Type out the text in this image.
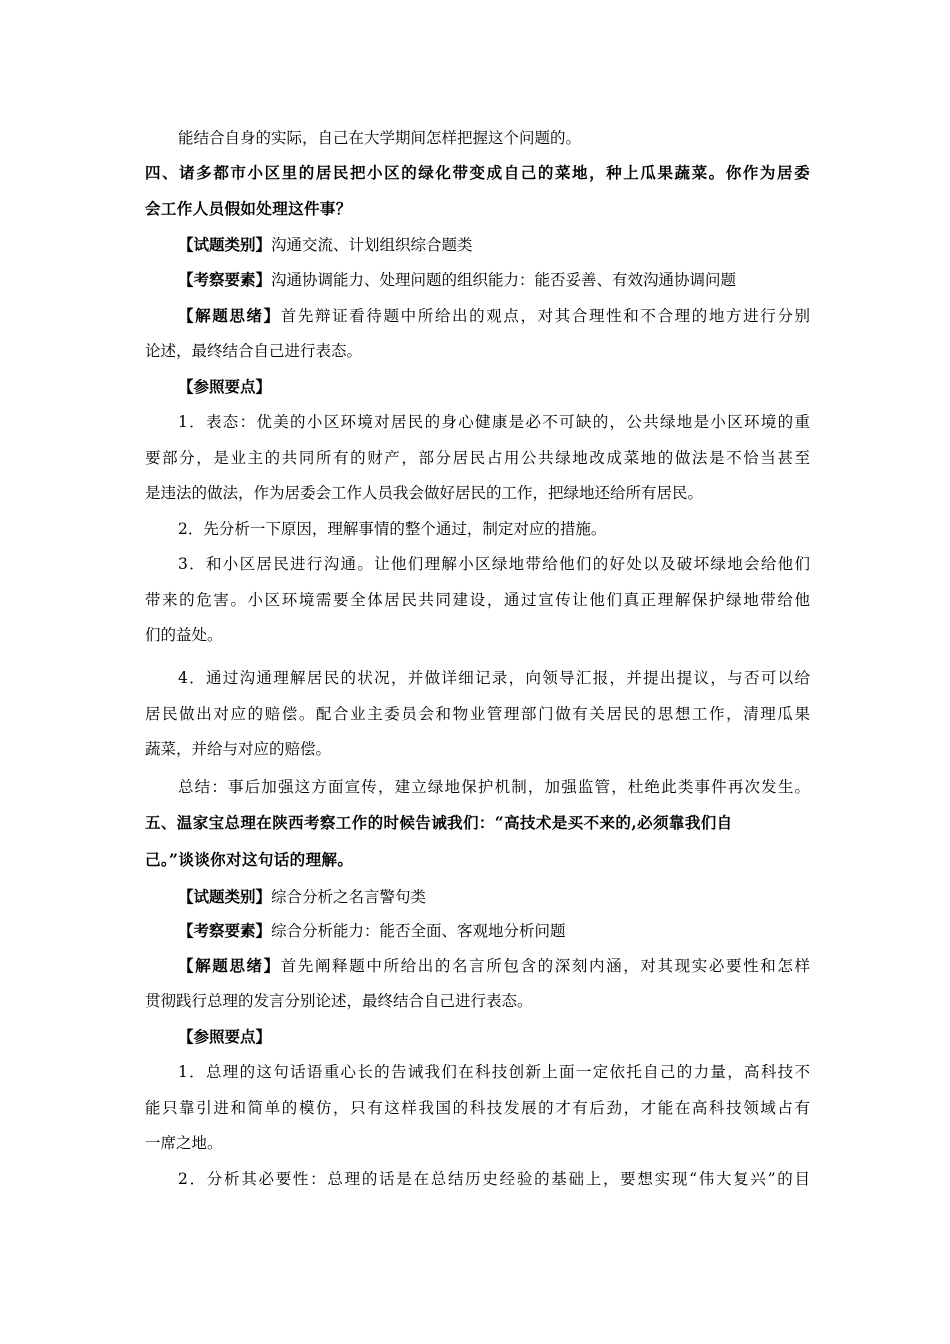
能结合自身的实际，自己在大学期间怎样把握这个问题的。
四、诸多都市小区里的居民把小区的绿化带变成自己的菜地，种上瓜果蔬菜。你作为居委
会工作人员假如处理这件事？
【试题类别】沟通交流、计划组织综合题类
【考察要素】沟通协调能力、处理问题的组织能力：能否妥善、有效沟通协调问题
【解题思绪】首先辩证看待题中所给出的观点，对其合理性和不合理的地方进行分别
论述，最终结合自己进行表态。
【参照要点】
1．表态：优美的小区环境对居民的身心健康是必不可缺的，公共绿地是小区环境的重
要部分，是业主的共同所有的财产，部分居民占用公共绿地改成菜地的做法是不恰当甚至
是违法的做法，作为居委会工作人员我会做好居民的工作，把绿地还给所有居民。
2．先分析一下原因，理解事情的整个通过，制定对应的措施。
3．和小区居民进行沟通。让他们理解小区绿地带给他们的好处以及破坏绿地会给他们
带来的危害。小区环境需要全体居民共同建设，通过宣传让他们真正理解保护绿地带给他
们的益处。
4．通过沟通理解居民的状况，并做详细记录，向领导汇报，并提出提议，与否可以给
居民做出对应的赔偿。配合业主委员会和物业管理部门做有关居民的思想工作，清理瓜果
蔬菜，并给与对应的赔偿。
总结：事后加强这方面宣传，建立绿地保护机制，加强监管，杜绝此类事件再次发生。
五、温家宝总理在陕西考察工作的时候告诫我们：“高技术是买不来的,必须靠我们自
己。”谈谈你对这句话的理解。
【试题类别】综合分析之名言警句类
【考察要素】综合分析能力：能否全面、客观地分析问题
【解题思绪】首先阐释题中所给出的名言所包含的深刻内涵，对其现实必要性和怎样
贯彻践行总理的发言分别论述，最终结合自己进行表态。
【参照要点】
1．总理的这句话语重心长的告诫我们在科技创新上面一定依托自己的力量，高科技不
能只靠引进和简单的模仿，只有这样我国的科技发展的才有后劲，才能在高科技领域占有
一席之地。
2．分析其必要性：总理的话是在总结历史经验的基础上，要想实现“伟大复兴”的目
